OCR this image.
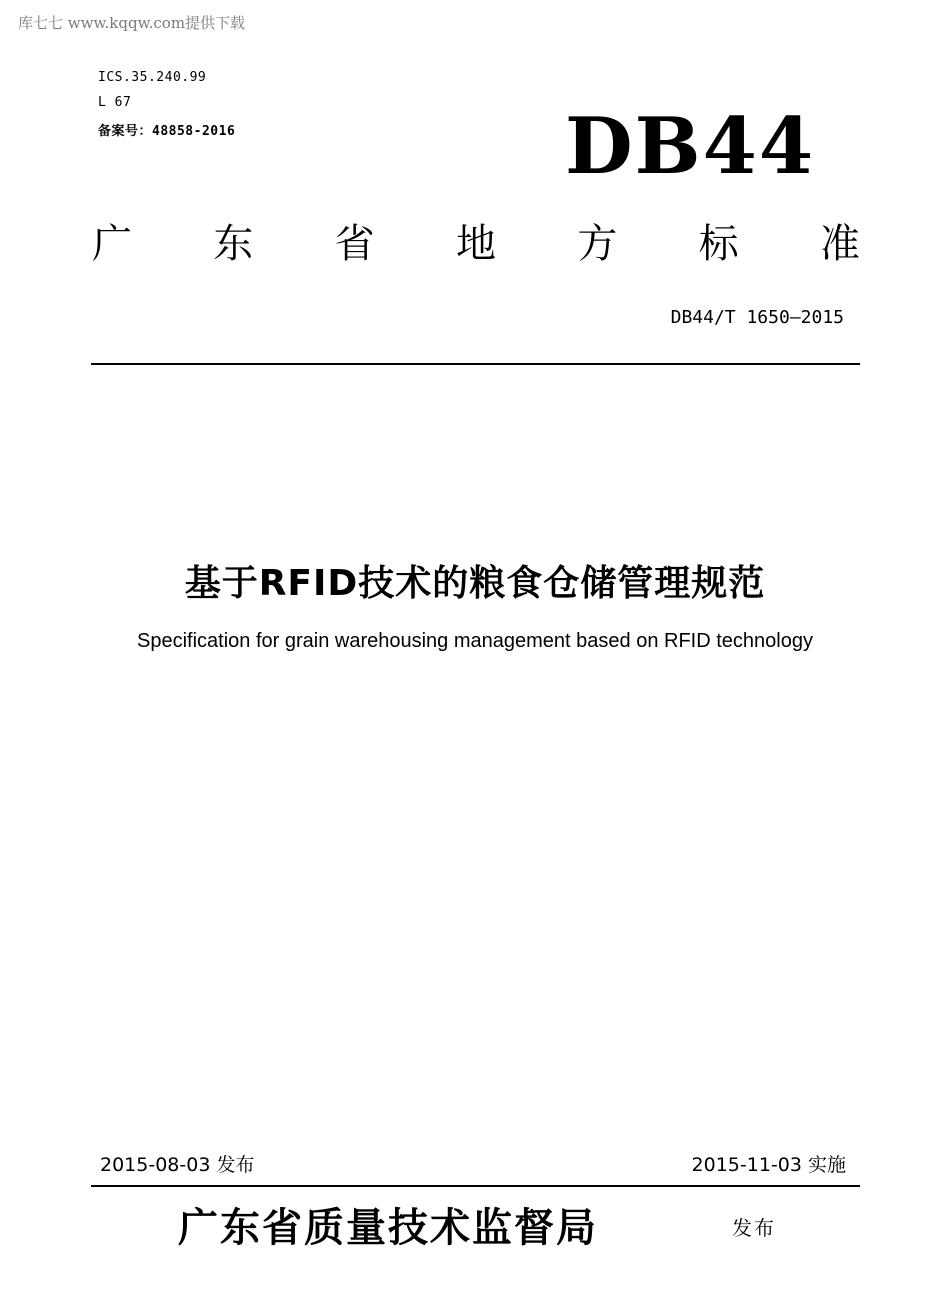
库七七 www.kqqw.com提供下载
ICS.35.240.99
L 67
备案号：48858-2016	DB44
广 东 省 地 方 标 准
DB44/T 1650—2015
基于RFID技术的粮食仓储管理规范
Specification for grain warehousing management based on RFID technology
2015-08-03 发布	2015-11-03 实施
广东省质量技术监督局	发布
